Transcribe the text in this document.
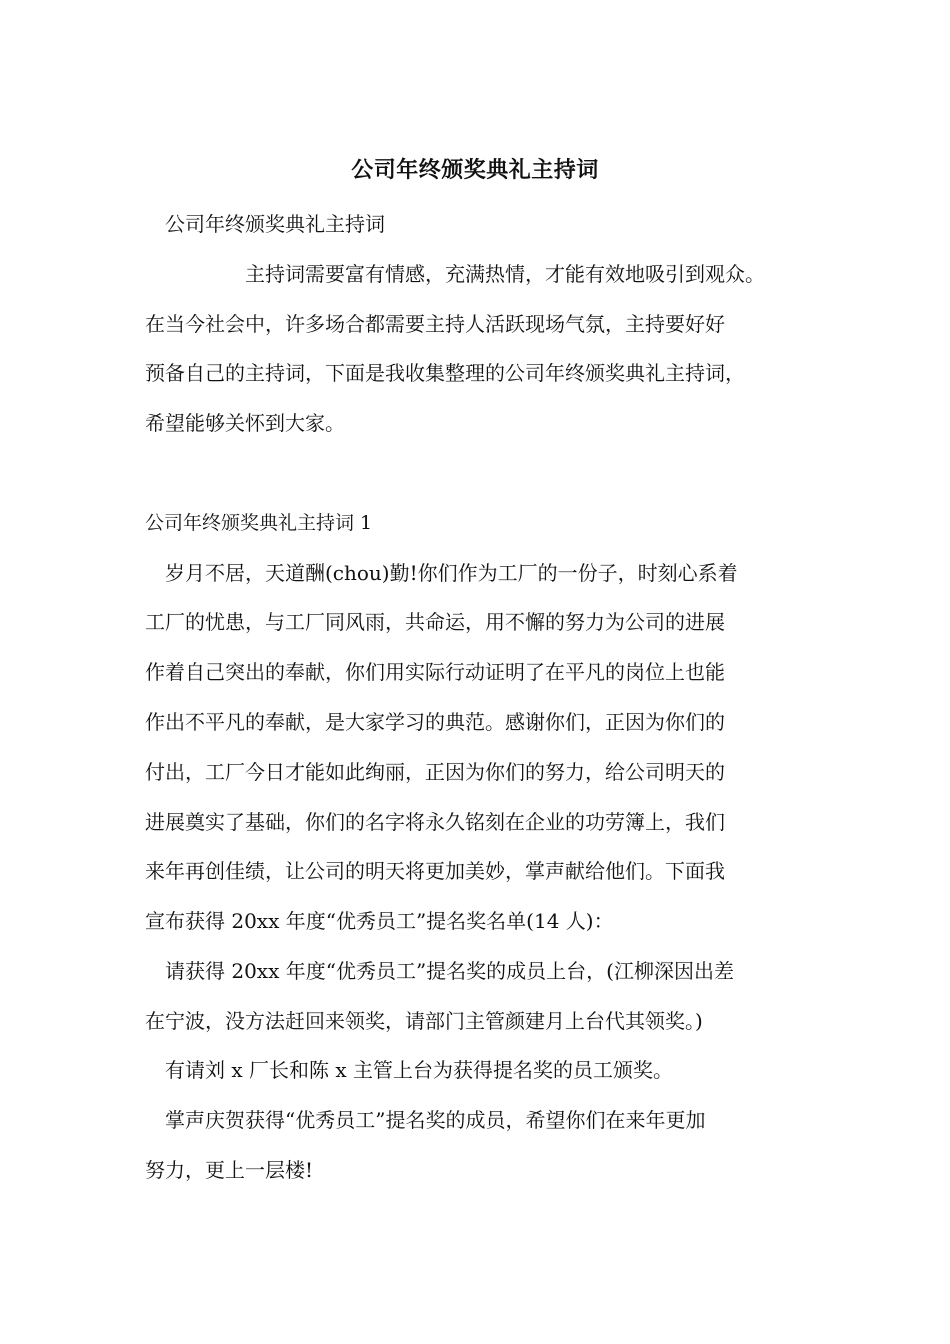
公司年终颁奖典礼主持词
公司年终颁奖典礼主持词
主持词需要富有情感，充满热情，才能有效地吸引到观众。
在当今社会中，许多场合都需要主持人活跃现场气氛，主持要好好
预备自己的主持词，下面是我收集整理的公司年终颁奖典礼主持词，
希望能够关怀到大家。
公司年终颁奖典礼主持词 1
岁月不居，天道酬(chou)勤!你们作为工厂的一份子，时刻心系着
工厂的忧患，与工厂同风雨，共命运，用不懈的努力为公司的进展
作着自己突出的奉献，你们用实际行动证明了在平凡的岗位上也能
作出不平凡的奉献，是大家学习的典范。感谢你们，正因为你们的
付出，工厂今日才能如此绚丽，正因为你们的努力，给公司明天的
进展奠实了基础，你们的名字将永久铭刻在企业的功劳簿上，我们
来年再创佳绩，让公司的明天将更加美妙，掌声献给他们。下面我
宣布获得 20xx 年度“优秀员工”提名奖名单(14 人)：
请获得 20xx 年度“优秀员工”提名奖的成员上台，(江柳深因出差
在宁波，没方法赶回来领奖，请部门主管颜建月上台代其领奖。)
有请刘 x 厂长和陈 x 主管上台为获得提名奖的员工颁奖。
掌声庆贺获得“优秀员工”提名奖的成员，希望你们在来年更加
努力，更上一层楼!
